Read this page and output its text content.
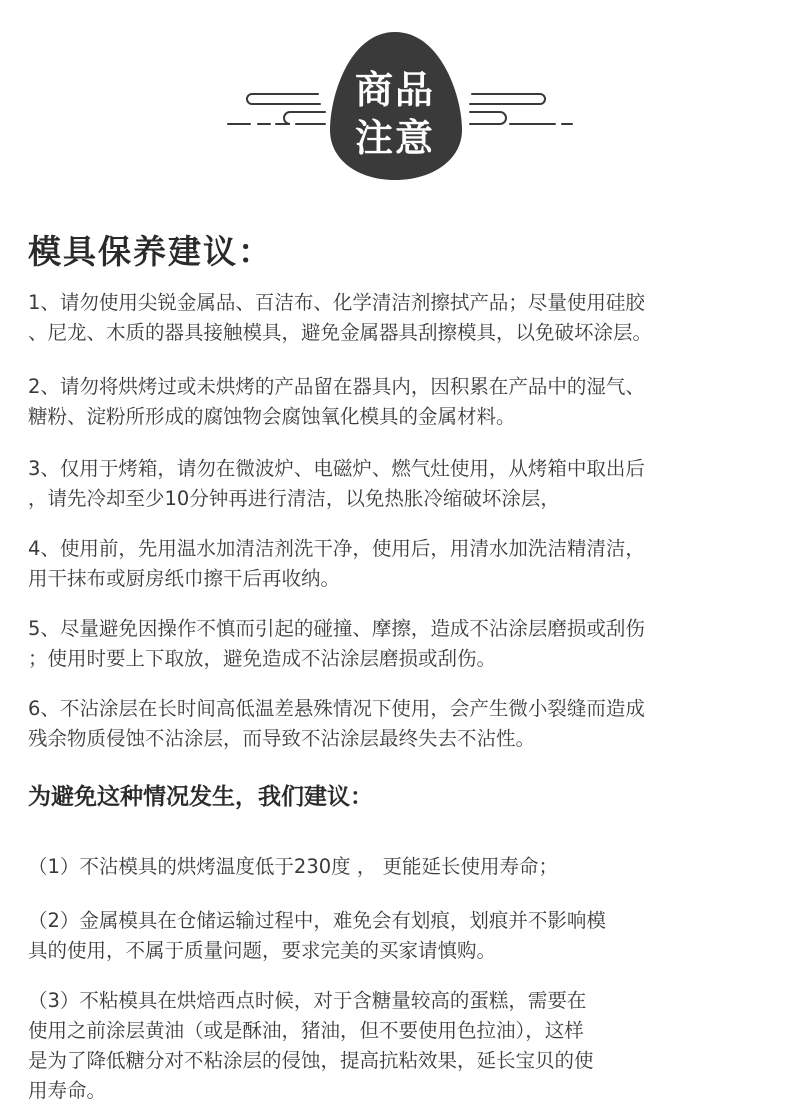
商品
注意
模具保养建议：

1、请勿使用尖锐金属品、百洁布、化学清洁剂擦拭产品；尽量使用硅胶
、尼龙、木质的器具接触模具，避免金属器具刮擦模具，以免破坏涂层。

2、请勿将烘烤过或未烘烤的产品留在器具内，因积累在产品中的湿气、
糖粉、淀粉所形成的腐蚀物会腐蚀氧化模具的金属材料。

3、仅用于烤箱，请勿在微波炉、电磁炉、燃气灶使用，从烤箱中取出后
，请先冷却至少10分钟再进行清洁，以免热胀冷缩破坏涂层，

4、使用前，先用温水加清洁剂洗干净，使用后，用清水加洗洁精清洁，
用干抹布或厨房纸巾擦干后再收纳。

5、尽量避免因操作不慎而引起的碰撞、摩擦，造成不沾涂层磨损或刮伤
；使用时要上下取放，避免造成不沾涂层磨损或刮伤。

6、不沾涂层在长时间高低温差悬殊情况下使用，会产生微小裂缝而造成
残余物质侵蚀不沾涂层，而导致不沾涂层最终失去不沾性。

为避免这种情况发生，我们建议：

（1）不沾模具的烘烤温度低于230度 ， 更能延长使用寿命；

（2）金属模具在仓储运输过程中，难免会有划痕，划痕并不影响模
具的使用，不属于质量问题，要求完美的买家请慎购。

（3）不粘模具在烘焙西点时候，对于含糖量较高的蛋糕，需要在
使用之前涂层黄油（或是酥油，猪油，但不要使用色拉油），这样
是为了降低糖分对不粘涂层的侵蚀，提高抗粘效果，延长宝贝的使
用寿命。
